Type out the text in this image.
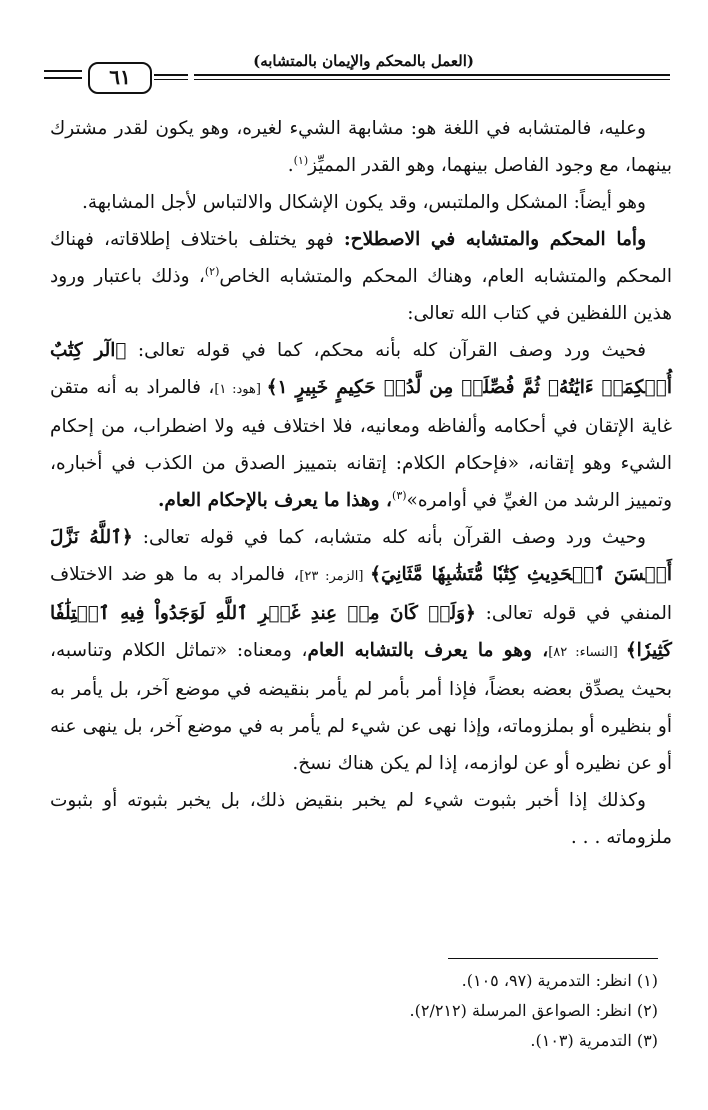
(العمل بالمحكم والإيمان بالمتشابه)
٦١

وعليه، فالمتشابه في اللغة هو: مشابهة الشيء لغيره، وهو يكون لقدر مشترك بينهما، مع وجود الفاصل بينهما، وهو القدر المميِّز$^{(١)}$.

وهو أيضاً: المشكل والملتبس، وقد يكون الإشكال والالتباس لأجل المشابهة.

وأما المحكم والمتشابه في الاصطلاح: فهو يختلف باختلاف إطلاقاته، فهناك المحكم والمتشابه العام، وهناك المحكم والمتشابه الخاص$^{(٢)}$، وذلك باعتبار ورود هذين اللفظين في كتاب الله تعالى:

فحيث ورد وصف القرآن كله بأنه محكم، كما في قوله تعالى: ﴿الٓر كِتَٰبٌ أُحۡكِمَتۡ ءَايَٰتُهُۥ ثُمَّ فُصِّلَتۡ مِن لَّدُنۡ حَكِيمٍ خَبِيرٍ ١﴾ [هود: ١]، فالمراد به أنه متقن غاية الإتقان في أحكامه وألفاظه ومعانيه، فلا اختلاف فيه ولا اضطراب، من إحكام الشيء وهو إتقانه، «فإحكام الكلام: إتقانه بتمييز الصدق من الكذب في أخباره، وتمييز الرشد من الغيِّ في أوامره»$^{(٣)}$، وهذا ما يعرف بالإحكام العام.

وحيث ورد وصف القرآن بأنه كله متشابه، كما في قوله تعالى: ﴿ٱللَّهُ نَزَّلَ أَحۡسَنَ ٱلۡحَدِيثِ كِتَٰبٗا مُّتَشَٰبِهٗا مَّثَانِيَ﴾ [الزمر: ٢٣]، فالمراد به ما هو ضد الاختلاف المنفي في قوله تعالى: ﴿وَلَوۡ كَانَ مِنۡ عِندِ غَيۡرِ ٱللَّهِ لَوَجَدُواْ فِيهِ ٱخۡتِلَٰفٗا كَثِيرٗا﴾ [النساء: ٨٢]، وهو ما يعرف بالتشابه العام، ومعناه: «تماثل الكلام وتناسبه، بحيث يصدِّق بعضه بعضاً، فإذا أمر بأمر لم يأمر بنقيضه في موضع آخر، بل يأمر به أو بنظيره أو بملزوماته، وإذا نهى عن شيء لم يأمر به في موضع آخر، بل ينهى عنه أو عن نظيره أو عن لوازمه، إذا لم يكن هناك نسخ.

وكذلك إذا أخبر بثبوت شيء لم يخبر بنقيض ذلك، بل يخبر بثبوته أو بثبوت ملزوماته . . .

(١) انظر: التدمرية (٩٧، ١٠٥).
(٢) انظر: الصواعق المرسلة (٢/٢١٢).
(٣) التدمرية (١٠٣).
